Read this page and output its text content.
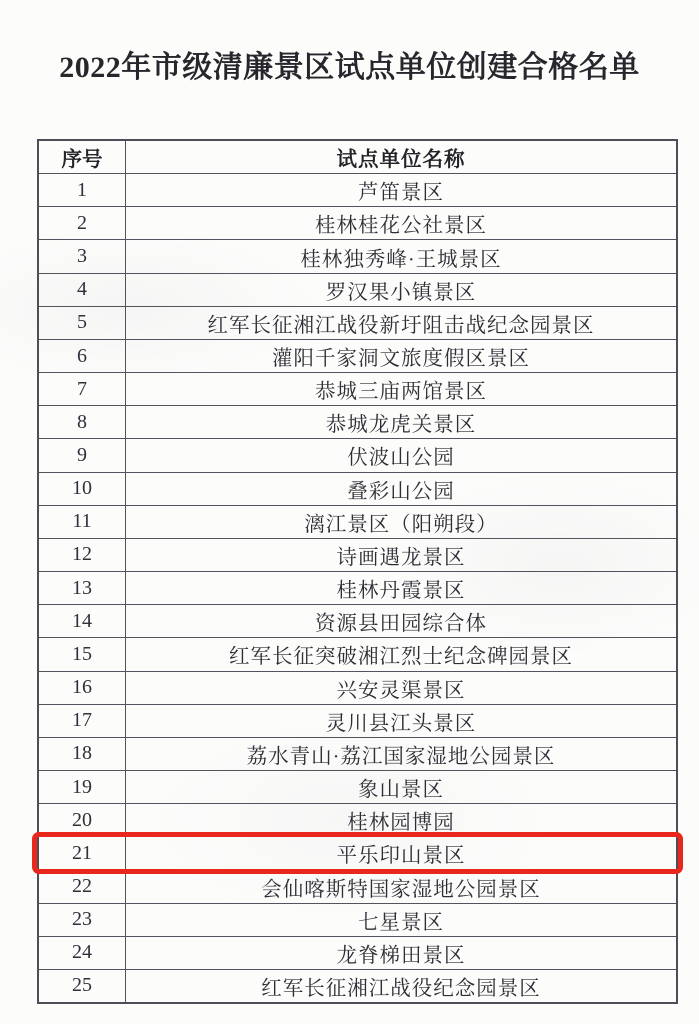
2022年市级清廉景区试点单位创建合格名单
序号	试点单位名称
1	芦笛景区
2	桂林桂花公社景区
3	桂林独秀峰·王城景区
4	罗汉果小镇景区
5	红军长征湘江战役新圩阻击战纪念园景区
6	灌阳千家洞文旅度假区景区
7	恭城三庙两馆景区
8	恭城龙虎关景区
9	伏波山公园
10	叠彩山公园
11	漓江景区（阳朔段）
12	诗画遇龙景区
13	桂林丹霞景区
14	资源县田园综合体
15	红军长征突破湘江烈士纪念碑园景区
16	兴安灵渠景区
17	灵川县江头景区
18	荔水青山·荔江国家湿地公园景区
19	象山景区
20	桂林园博园
21	平乐印山景区
22	会仙喀斯特国家湿地公园景区
23	七星景区
24	龙脊梯田景区
25	红军长征湘江战役纪念园景区
